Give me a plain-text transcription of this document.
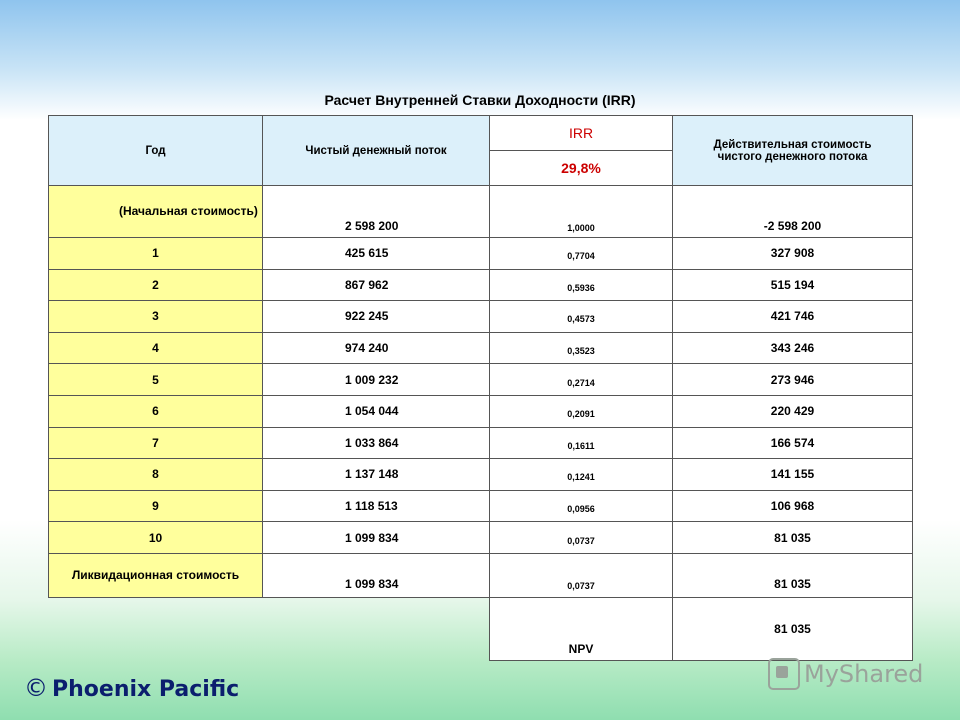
Расчет Внутренней Ставки Доходности (IRR)
Год	Чистый денежный поток	IRR	Действительная стоимость чистого денежного потока
		29,8%	
(Начальная стоимость)	2 598 200	1,0000	-2 598 200
1	425 615	0,7704	327 908
2	867 962	0,5936	515 194
3	922 245	0,4573	421 746
4	974 240	0,3523	343 246
5	1 009 232	0,2714	273 946
6	1 054 044	0,2091	220 429
7	1 033 864	0,1611	166 574
8	1 137 148	0,1241	141 155
9	1 118 513	0,0956	106 968
10	1 099 834	0,0737	81 035
Ликвидационная стоимость	1 099 834	0,0737	81 035
		NPV	81 035
© Phoenix Pacific
MyShared
